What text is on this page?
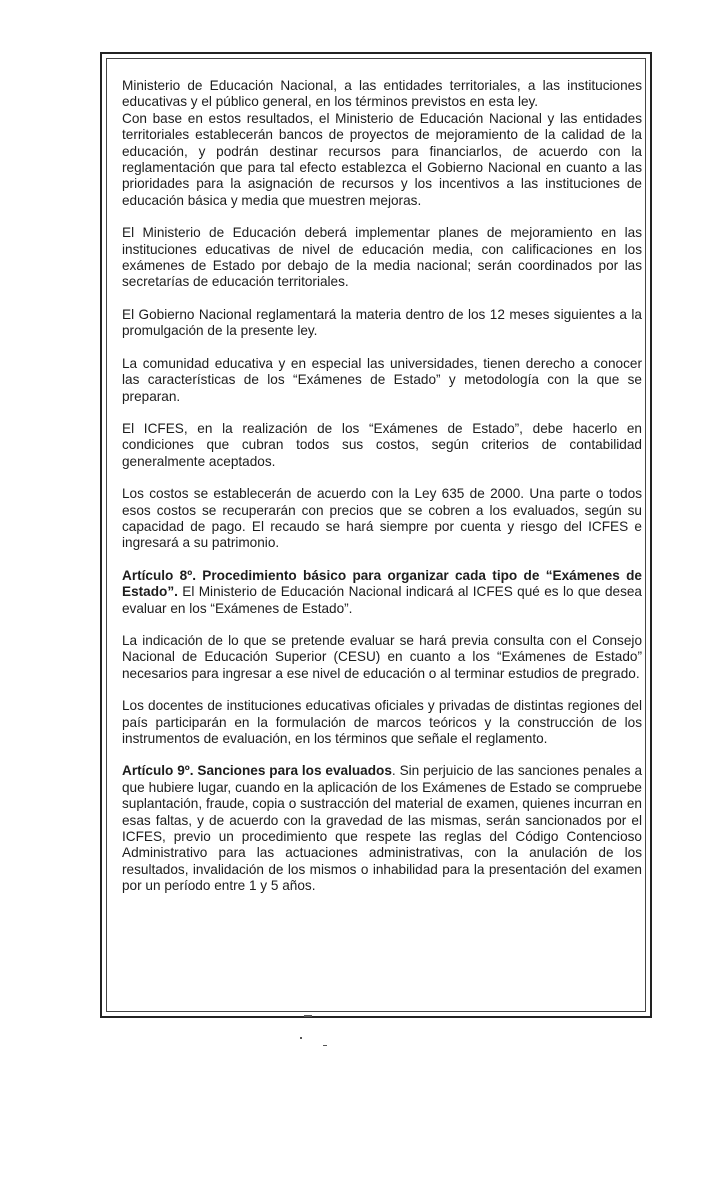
Ministerio de Educación Nacional, a las entidades territoriales, a las instituciones educativas y el público general, en los términos previstos en esta ley.

Con base en estos resultados, el Ministerio de Educación Nacional y las entidades territoriales establecerán bancos de proyectos de mejoramiento de la calidad de la educación, y podrán destinar recursos para financiarlos, de acuerdo con la reglamentación que para tal efecto establezca el Gobierno Nacional en cuanto a las prioridades para la asignación de recursos y los incentivos a las instituciones de educación básica y media que muestren mejoras.

El Ministerio de Educación deberá implementar planes de mejoramiento en las instituciones educativas de nivel de educación media, con calificaciones en los exámenes de Estado por debajo de la media nacional; serán coordinados por las secretarías de educación territoriales.

El Gobierno Nacional reglamentará la materia dentro de los 12 meses siguientes a la promulgación de la presente ley.

La comunidad educativa y en especial las universidades, tienen derecho a conocer las características de los “Exámenes de Estado” y metodología con la que se preparan.

El ICFES, en la realización de los “Exámenes de Estado”, debe hacerlo en condiciones que cubran todos sus costos, según criterios de contabilidad generalmente aceptados.

Los costos se establecerán de acuerdo con la Ley 635 de 2000. Una parte o todos esos costos se recuperarán con precios que se cobren a los evaluados, según su capacidad de pago. El recaudo se hará siempre por cuenta y riesgo del ICFES e ingresará a su patrimonio.

Artículo 8º. Procedimiento básico para organizar cada tipo de “Exámenes de Estado”. El Ministerio de Educación Nacional indicará al ICFES qué es lo que desea evaluar en los “Exámenes de Estado”.

La indicación de lo que se pretende evaluar se hará previa consulta con el Consejo Nacional de Educación Superior (CESU) en cuanto a los “Exámenes de Estado” necesarios para ingresar a ese nivel de educación o al terminar estudios de pregrado.

Los docentes de instituciones educativas oficiales y privadas de distintas regiones del país participarán en la formulación de marcos teóricos y la construcción de los instrumentos de evaluación, en los términos que señale el reglamento.

Artículo 9º. Sanciones para los evaluados. Sin perjuicio de las sanciones penales a que hubiere lugar, cuando en la aplicación de los Exámenes de Estado se compruebe suplantación, fraude, copia o sustracción del material de examen, quienes incurran en esas faltas, y de acuerdo con la gravedad de las mismas, serán sancionados por el ICFES, previo un procedimiento que respete las reglas del Código Contencioso Administrativo para las actuaciones administrativas, con la anulación de los resultados, invalidación de los mismos o inhabilidad para la presentación del examen por un período entre 1 y 5 años.
